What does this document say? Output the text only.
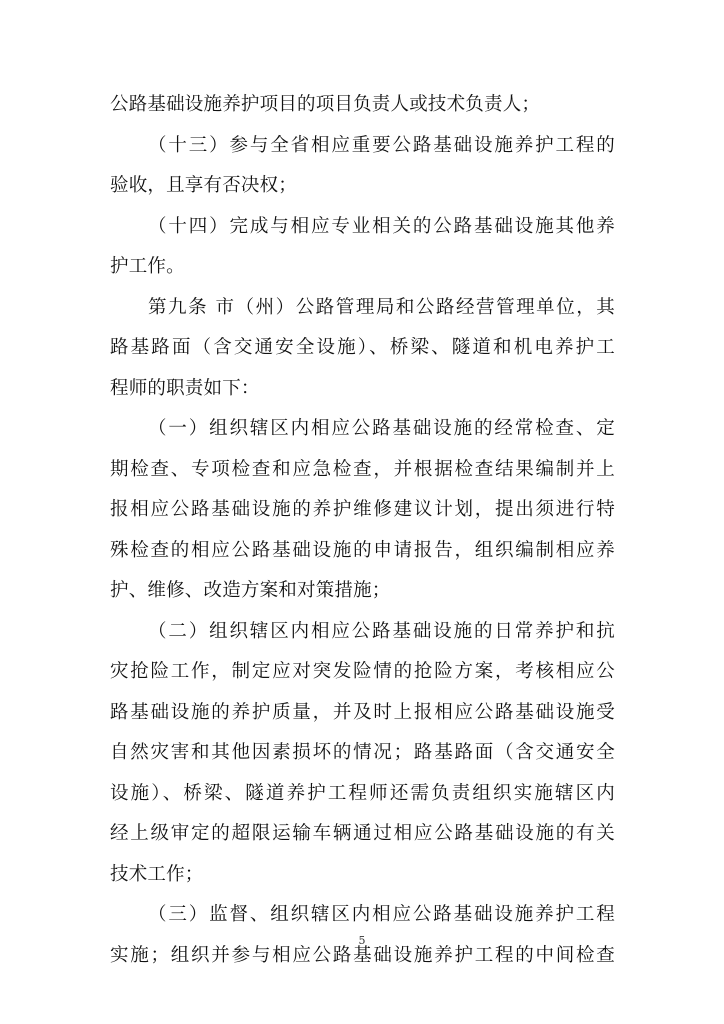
公路基础设施养护项目的项目负责人或技术负责人；
（十三）参与全省相应重要公路基础设施养护工程的
验收，且享有否决权；
（十四）完成与相应专业相关的公路基础设施其他养
护工作。
第九条 市（州）公路管理局和公路经营管理单位，其
路基路面（含交通安全设施）、桥梁、隧道和机电养护工
程师的职责如下：
（一）组织辖区内相应公路基础设施的经常检查、定
期检查、专项检查和应急检查，并根据检查结果编制并上
报相应公路基础设施的养护维修建议计划，提出须进行特
殊检查的相应公路基础设施的申请报告，组织编制相应养
护、维修、改造方案和对策措施；
（二）组织辖区内相应公路基础设施的日常养护和抗
灾抢险工作，制定应对突发险情的抢险方案，考核相应公
路基础设施的养护质量，并及时上报相应公路基础设施受
自然灾害和其他因素损坏的情况；路基路面（含交通安全
设施）、桥梁、隧道养护工程师还需负责组织实施辖区内
经上级审定的超限运输车辆通过相应公路基础设施的有关
技术工作；
（三）监督、组织辖区内相应公路基础设施养护工程
实施；组织并参与相应公路基础设施养护工程的中间检查
5
